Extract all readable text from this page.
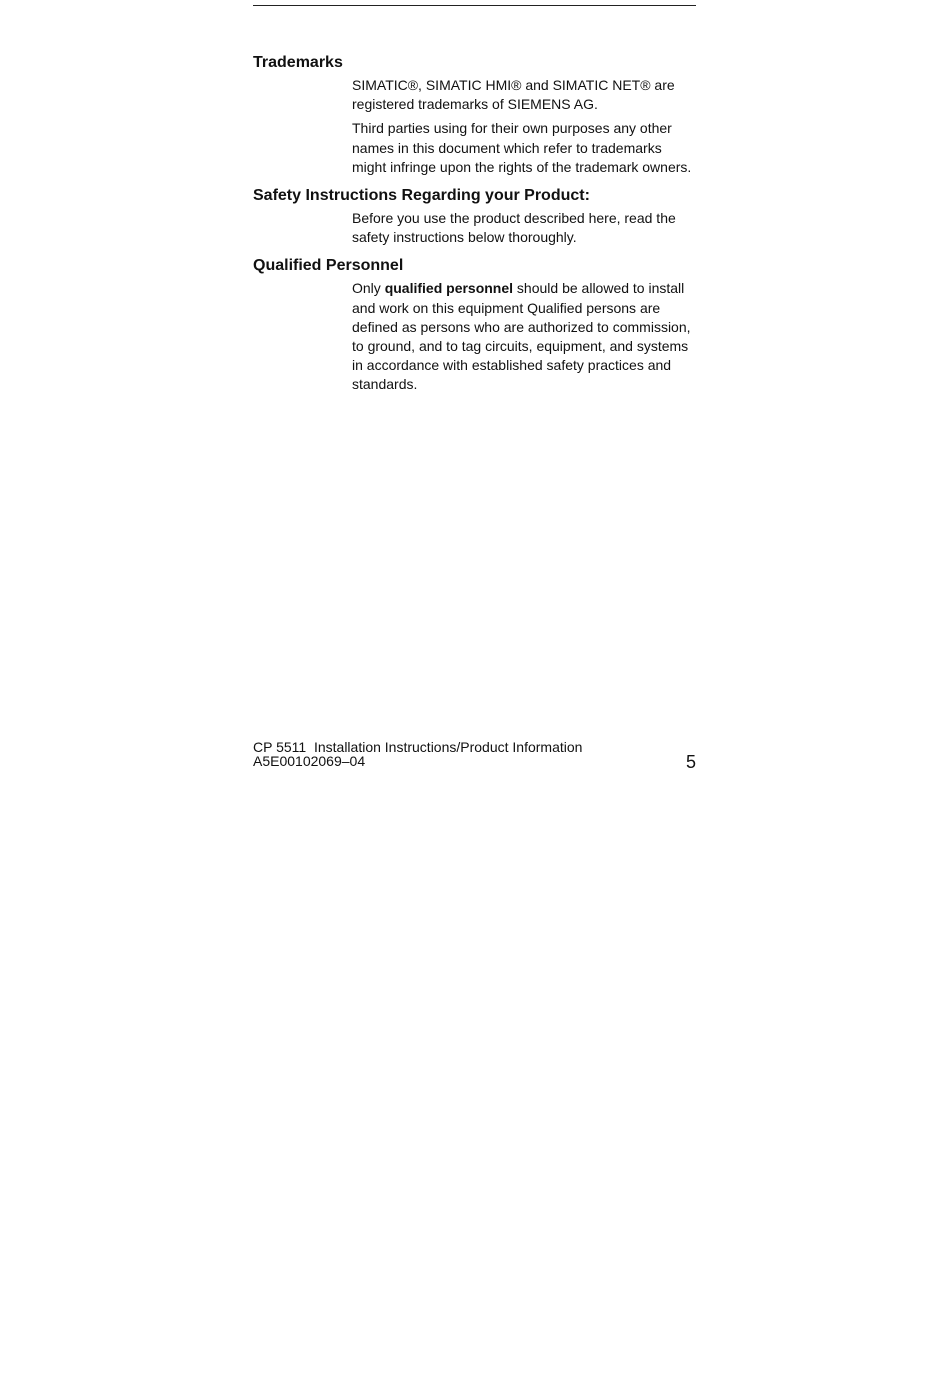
Trademarks

SIMATIC®, SIMATIC HMI® and SIMATIC NET® are registered trademarks of SIEMENS AG.

Third parties using for their own purposes any other names in this document which refer to trademarks might infringe upon the rights of the trademark owners.

Safety Instructions Regarding your Product:

Before you use the product described here, read the safety instructions below thoroughly.

Qualified Personnel

Only qualified personnel should be allowed to install and work on this equipment Qualified persons are defined as persons who are authorized to commission, to ground, and to tag circuits, equipment, and systems in accordance with established safety practices and standards.

CP 5511  Installation Instructions/Product Information
A5E00102069–04	5
